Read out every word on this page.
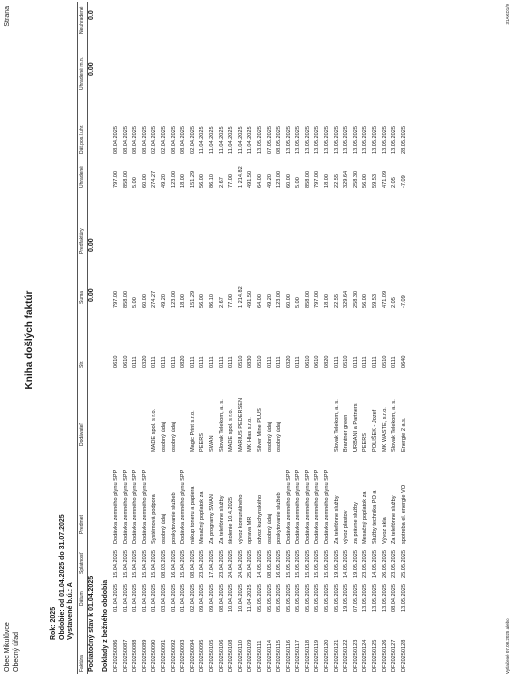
Obec Mikulůvce Obecný úřad
Strana
Kniha došlých faktúr
Rok: 2025 Obdobie: od 01.04.2025 do 31.07.2025
Vystavené b.ú.: A
Faktúra
Dátum
Splatnosť
Predmet
Dodávateľ
Str.
Suma
Predfaktúry
Uhradené
Dát.pos.l.uhr.
Uhradené m.n.
Neuhradené
Počiatočný stav k 01.04.2025
0.00
0.00
0.00
0.0
Doklady z bežného obdobia DF20250086
01.04.2025
15.04.2025
Dodávka zemného plynu SPP
0610
797.00
797.00
08.04.2025
DF20250087
01.04.2025
15.04.2025
Dodávka zemného plynu SPP
0610
858.00
858.00
08.04.2025
DF20250088
01.04.2025
15.04.2025
Dodávka zemného plynu SPP
0111
5.00
5.00
08.04.2025
DF20250089
01.04.2025
15.04.2025
Dodávka zemného plynu SPP
0320
60.00
60.00
08.04.2025
DF20250090
01.04.2025
15.04.2025
Systémová podpora
MADE spol. s r.o.
0111
274.27
274.27
02.04.2025
DF20250091
03.04.2025
08.03.2025
osobný údaj
osobný údaj
0111
49.20
49.20
02.04.2025
DF20250092
01.04.2025
16.04.2025
poskytovanie služieb
osobný údaj
0111
123.00
123.00
08.04.2025
DF20250093
01.04.2025
15.04.2025
Dodávka zemného plynu SPP
0820
18.00
18.00
08.04.2025
DF20250094
02.04.2025
08.04.2025
nákup toneru a papiera
Magic Print s.r.o.
0111
151.29
151.29
02.04.2025
DF20250095
09.04.2025
23.04.2025
Mesačný poplatok za
PEERS
0111
56.00
56.00
11.04.2025
DF20250105
09.04.2025
17.04.2025
Za programy SWAN
SWAN
0111
86.10
86.10
11.04.2025
DF20250106
08.04.2025
23.04.2025
Za telefónne služby
Slovak Telekom, a. s.
0111
2.67
2.67
11.04.2025
DF20250108
10.04.2025
24.04.2025
školenie 10.4.2025
MADE spol. s r.o.
0111
77.00
77.00
11.04.2025
DF20250110
10.04.2025
24.04.2025
vývoz komunálneho
MARIUS PEDERSEN
0510
1 214.82
1 214.82
11.04.2025
DF20250109
11.04.2025
25.04.2025
oprava MR
MK Hlas s.r.o.
0830
491.50
491.50
11.04.2025
DF20250111
05.05.2025
14.05.2025
odvoz kuchynského
Silver Mine PLUS
0510
64.00
64.00
13.05.2025
DF20250114
05.05.2025
08.05.2025
osobný údaj
osobný údaj
0111
49.20
49.20
07.05.2025
DF20250115
05.05.2025
16.05.2025
poskytovanie služieb
osobný údaj
0111
123.00
123.00
08.05.2025
DF20250116
05.05.2025
15.05.2025
Dodávka zemného plynu SPP
0320
60.00
60.00
13.05.2025
DF20250117
05.05.2025
15.05.2025
Dodávka zemného plynu SPP
0111
5.00
5.00
13.05.2025
DF20250118
05.05.2025
15.05.2025
Dodávka zemného plynu SPP
0610
858.00
858.00
13.05.2025
DF20250119
05.05.2025
15.05.2025
Dodávka zemného plynu SPP
0610
797.00
797.00
13.05.2025
DF20250120
05.05.2025
15.05.2025
Dodávka zemného plynu SPP
0820
18.00
18.00
13.05.2025
DF20250121
05.05.2025
19.05.2025
Za telefónne služby
Slovak Telekom, a. s.
0111
22.55
22.55
13.05.2025
DF20250122
19.05.2025
14.05.2025
vývoz plastov
Brantner green
0510
329.64
329.64
13.05.2025
DF20250123
07.05.2025
19.05.2025
za právne služby
URBANI a Partners
0111
258.30
258.30
13.05.2025
DF20250124
13.05.2025
23.05.2025
Mesačný poplatok za
PEERS
0111
56.00
56.00
13.05.2025
DF20250125
13.05.2025
14.05.2025
Služby technika PO a
POLIŠEK - Jozef
0111
59.53
59.53
13.05.2025
DF20250126
13.05.2025
26.05.2025
Vývoz skla
MK WASTE, s.r.o.
0510
471.09
471.09
13.05.2025
DF20250127
08.04.2025
23.05.2025
Za telefónne služby
Slovak Telekom, a. s.
0111
2.05
2.05
13.05.2025
DF20250128
13.05.2025
25.05.2025
spotreba el. energie VO
Energie 2 a.s.
0640
-7.09
-7.09
28.05.2025
Vytlačené 07.08.2025 alebo
31AKD1/9
